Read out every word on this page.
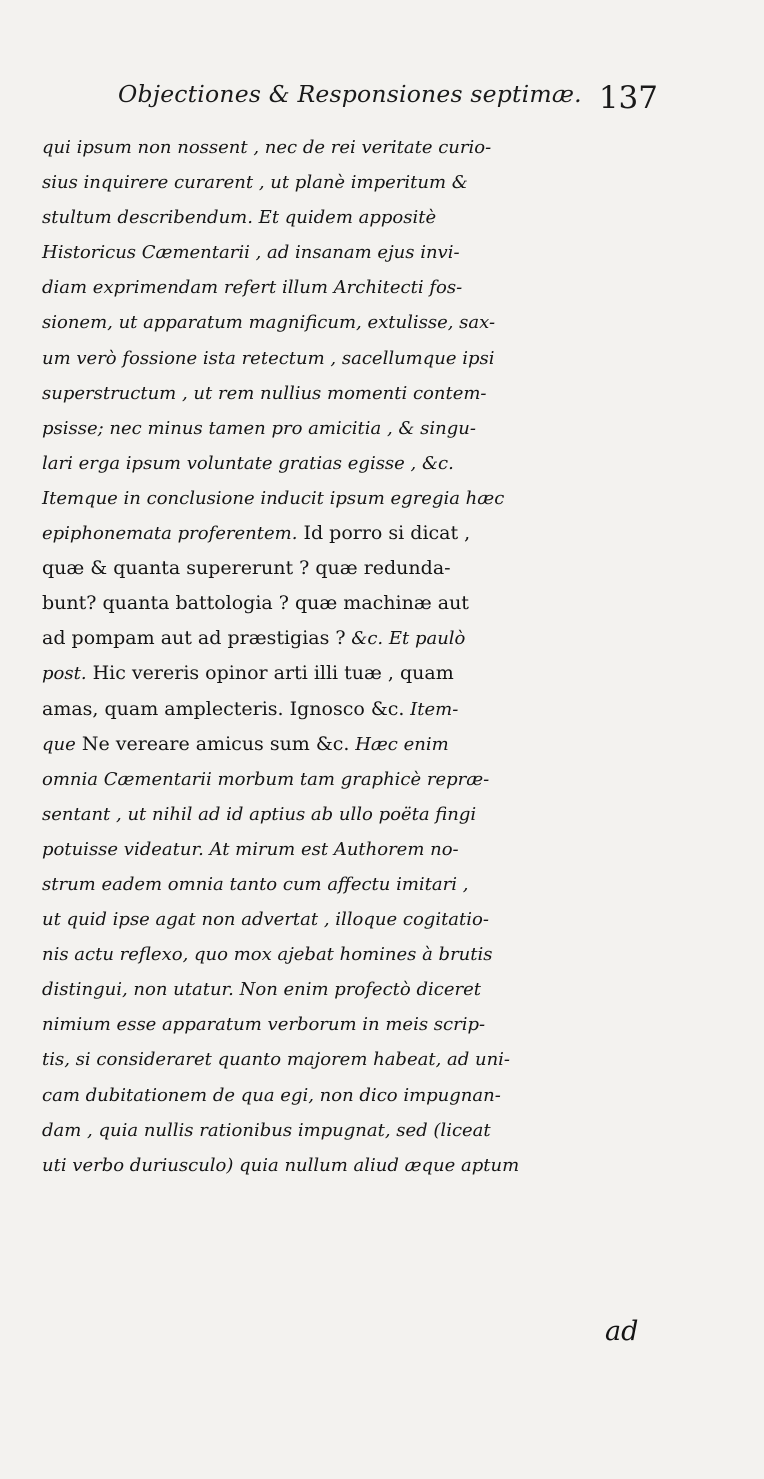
Objectiones & Responsiones septimæ. 137
qui ipsum non nossent , nec de rei veritate curio-
sius inquirere curarent , ut planè imperitum &
stultum describendum. Et quidem appositè
Historicus Cæmentarii , ad insanam ejus invi-
diam exprimendam refert illum Architecti fos-
sionem, ut apparatum magnificum, extulisse, sax-
um verò fossione ista retectum , sacellumque ipsi
superstructum , ut rem nullius momenti contem-
psisse; nec minus tamen pro amicitia , & singu-
lari erga ipsum voluntate gratias egisse , &c.
Itemque in conclusione inducit ipsum egregia hæc
epiphonemata proferentem. Id porro si dicat ,
quæ & quanta supererunt ? quæ redunda-
bunt? quanta battologia ? quæ machinæ aut
ad pompam aut ad præstigias ? &c. Et paulò
post. Hic vereris opinor arti illi tuæ , quam
amas, quam amplecteris. Ignosco &c. Item-
que Ne vereare amicus sum &c. Hæc enim
omnia Cæmentarii morbum tam graphicè repræ-
sentant , ut nihil ad id aptius ab ullo poëta fingi
potuisse videatur. At mirum est Authorem no-
strum eadem omnia tanto cum affectu imitari ,
ut quid ipse agat non advertat , illoque cogitatio-
nis actu reflexo, quo mox ajebat homines à brutis
distingui, non utatur. Non enim profectò diceret
nimium esse apparatum verborum in meis scrip-
tis, si consideraret quanto majorem habeat, ad uni-
cam dubitationem de qua egi, non dico impugnan-
dam , quia nullis rationibus impugnat, sed (liceat
uti verbo duriusculo) quia nullum aliud æque aptum
ad
